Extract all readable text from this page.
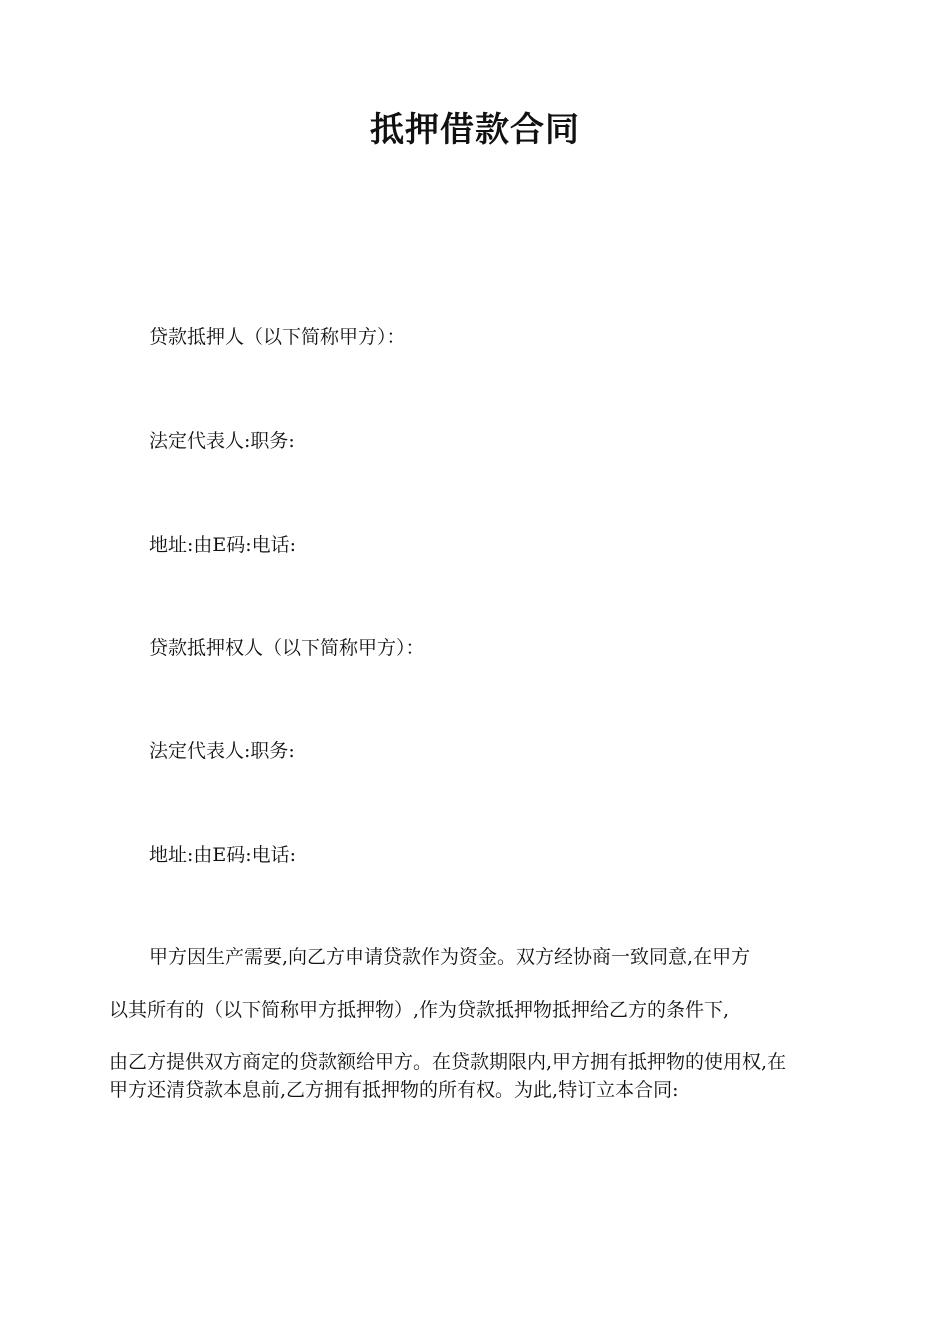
抵押借款合同
贷款抵押人（以下简称甲方）：
法定代表人:职务:
地址:由E码:电话:
贷款抵押权人（以下简称甲方）：
法定代表人:职务:
地址:由E码:电话:
甲方因生产需要,向乙方申请贷款作为资金。双方经协商一致同意,在甲方
以其所有的（以下简称甲方抵押物）,作为贷款抵押物抵押给乙方的条件下,
由乙方提供双方商定的贷款额给甲方。在贷款期限内,甲方拥有抵押物的使用权,在
甲方还清贷款本息前,乙方拥有抵押物的所有权。为此,特订立本合同:
